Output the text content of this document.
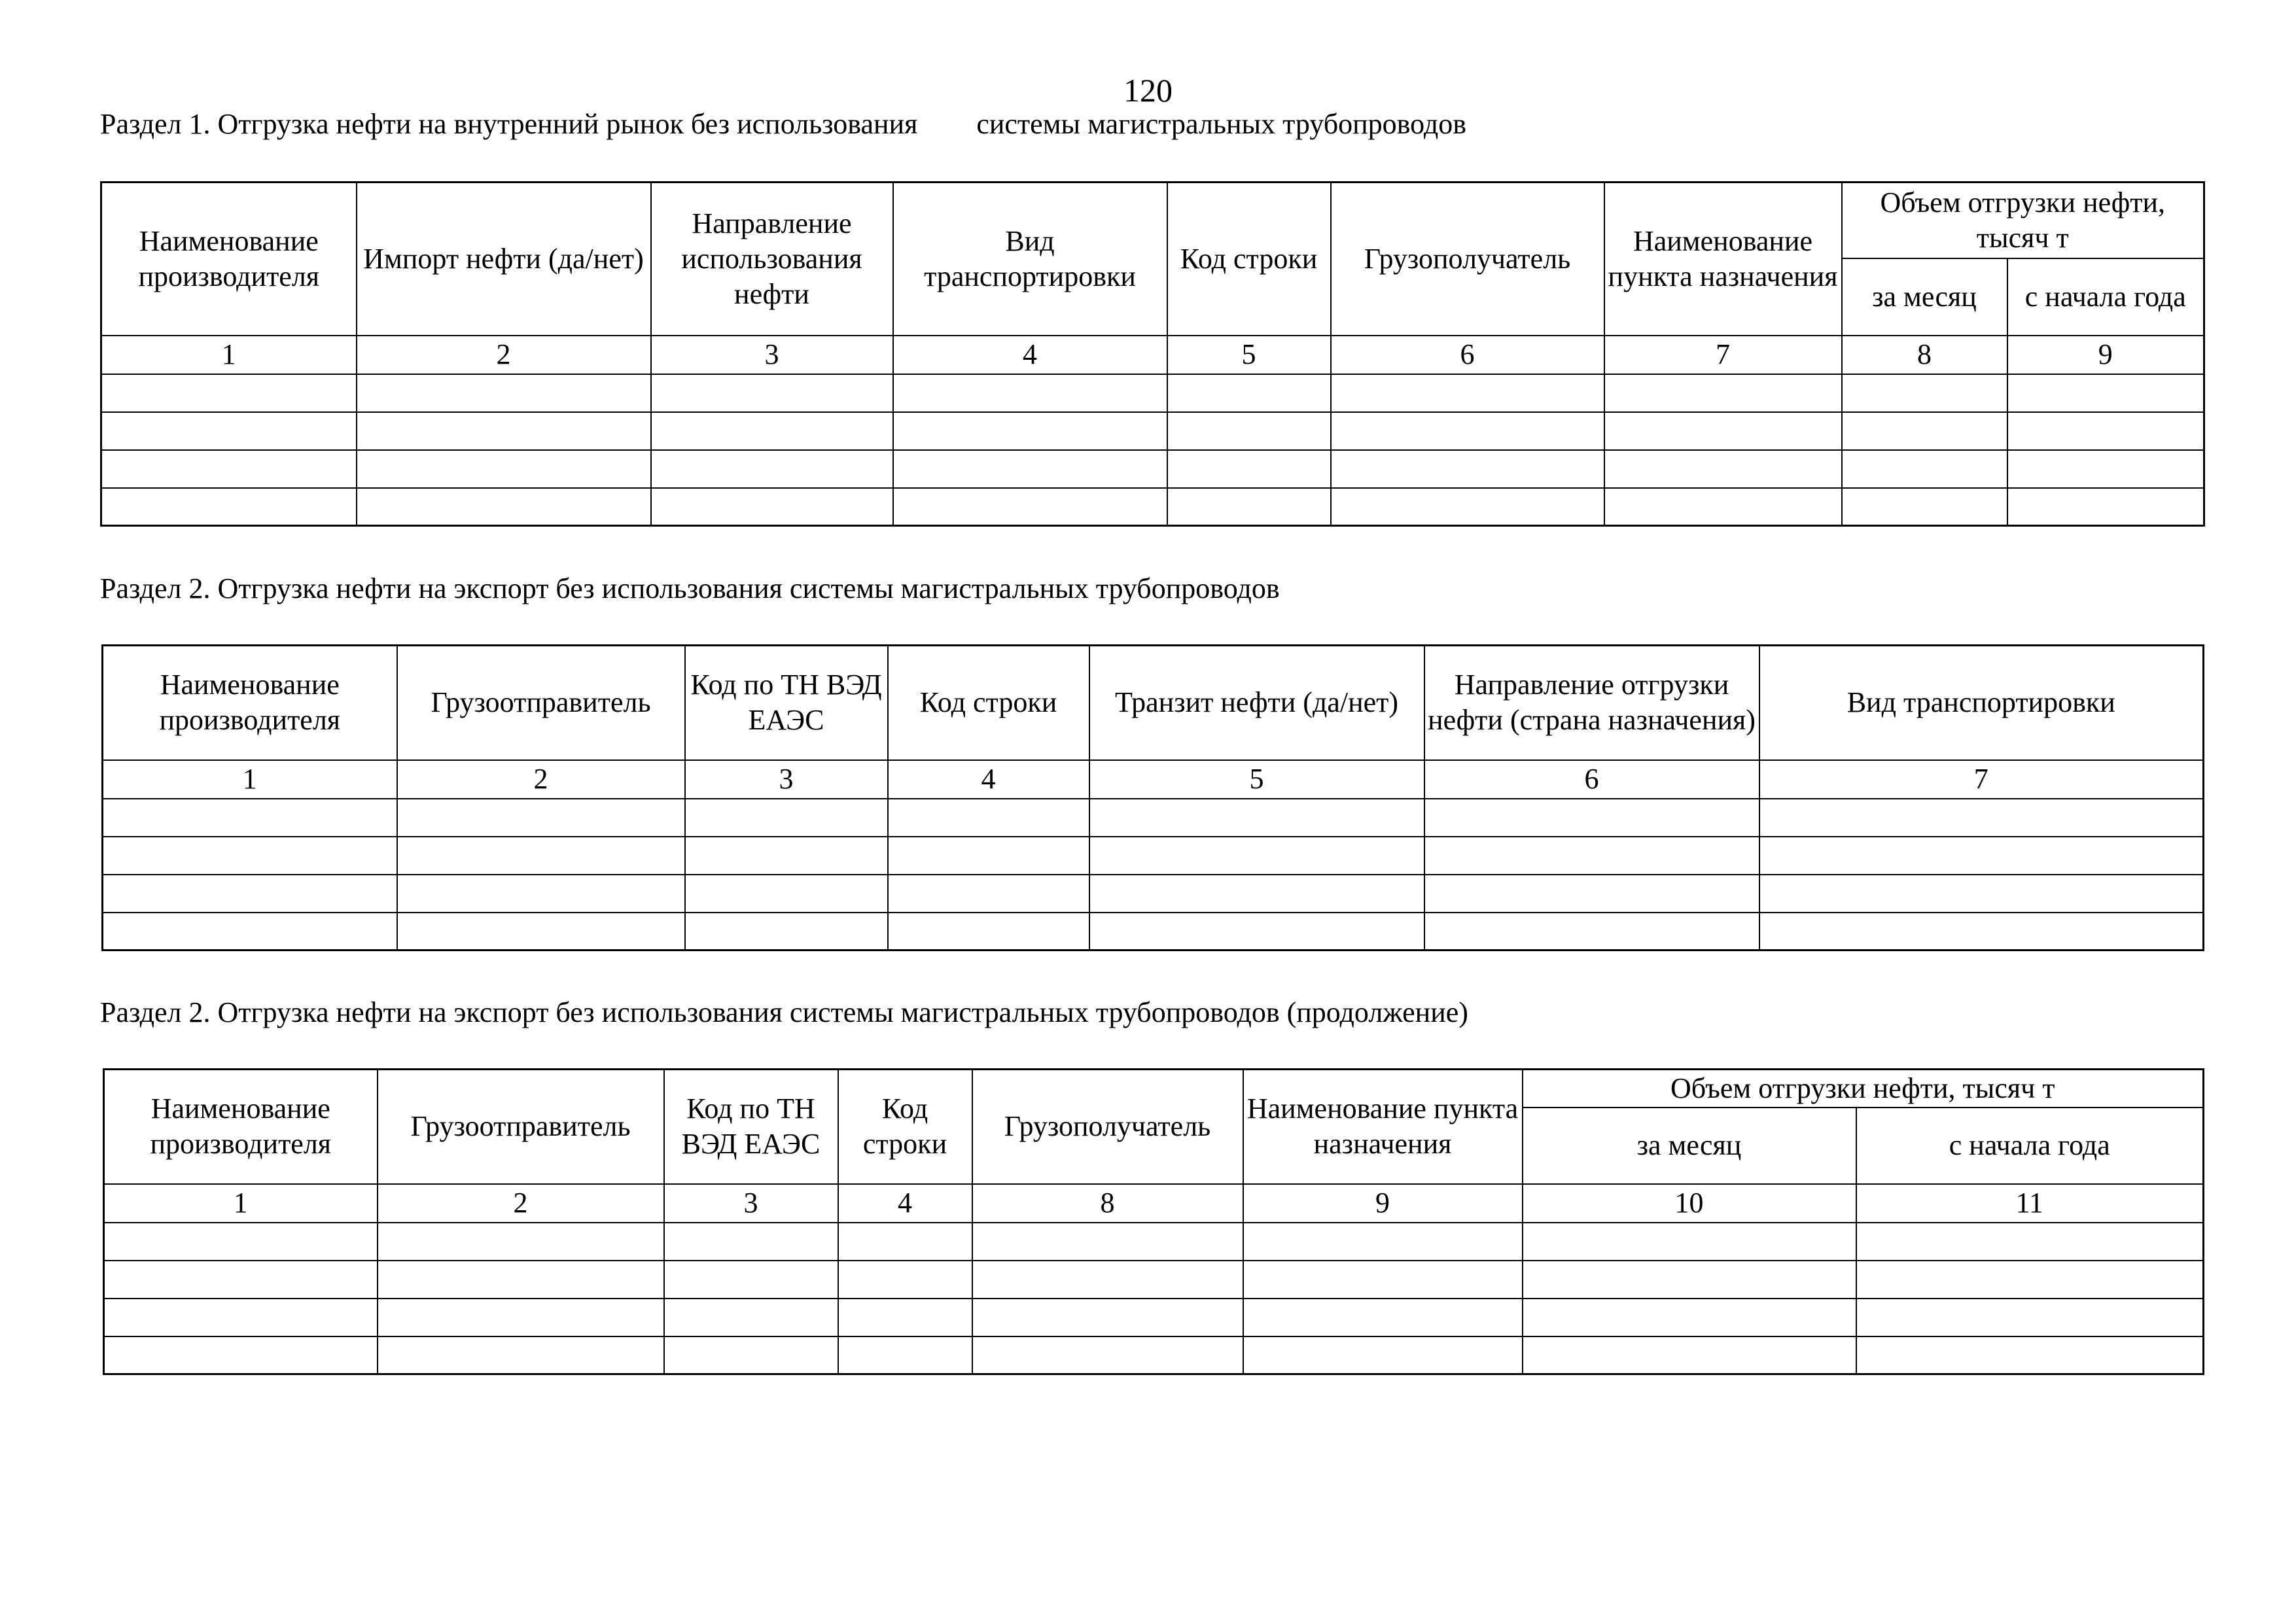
120
Раздел 1. Отгрузка нефти на внутренний рынок без использования системы магистральных трубопроводов
Наименование производителя	Импорт нефти (да/нет)	Направление использования нефти	Вид транспортировки	Код строки	Грузополучатель	Наименование пункта назначения	Объем отгрузки нефти, тысяч т	
							за месяц	с начала года
1	2	3	4	5	6	7	8	9

Раздел 2. Отгрузка нефти на экспорт без использования системы магистральных трубопроводов
Наименование производителя	Грузоотправитель	Код по ТН ВЭД ЕАЭС	Код строки	Транзит нефти (да/нет)	Направление отгрузки нефти (страна назначения)	Вид транспортировки
1	2	3	4	5	6	7

Раздел 2. Отгрузка нефти на экспорт без использования системы магистральных трубопроводов (продолжение)
Наименование производителя	Грузоотправитель	Код по ТН ВЭД ЕАЭС	Код строки	Грузополучатель	Наименование пункта назначения	Объем отгрузки нефти, тысяч т	
						за месяц	с начала года
1	2	3	4	8	9	10	11
